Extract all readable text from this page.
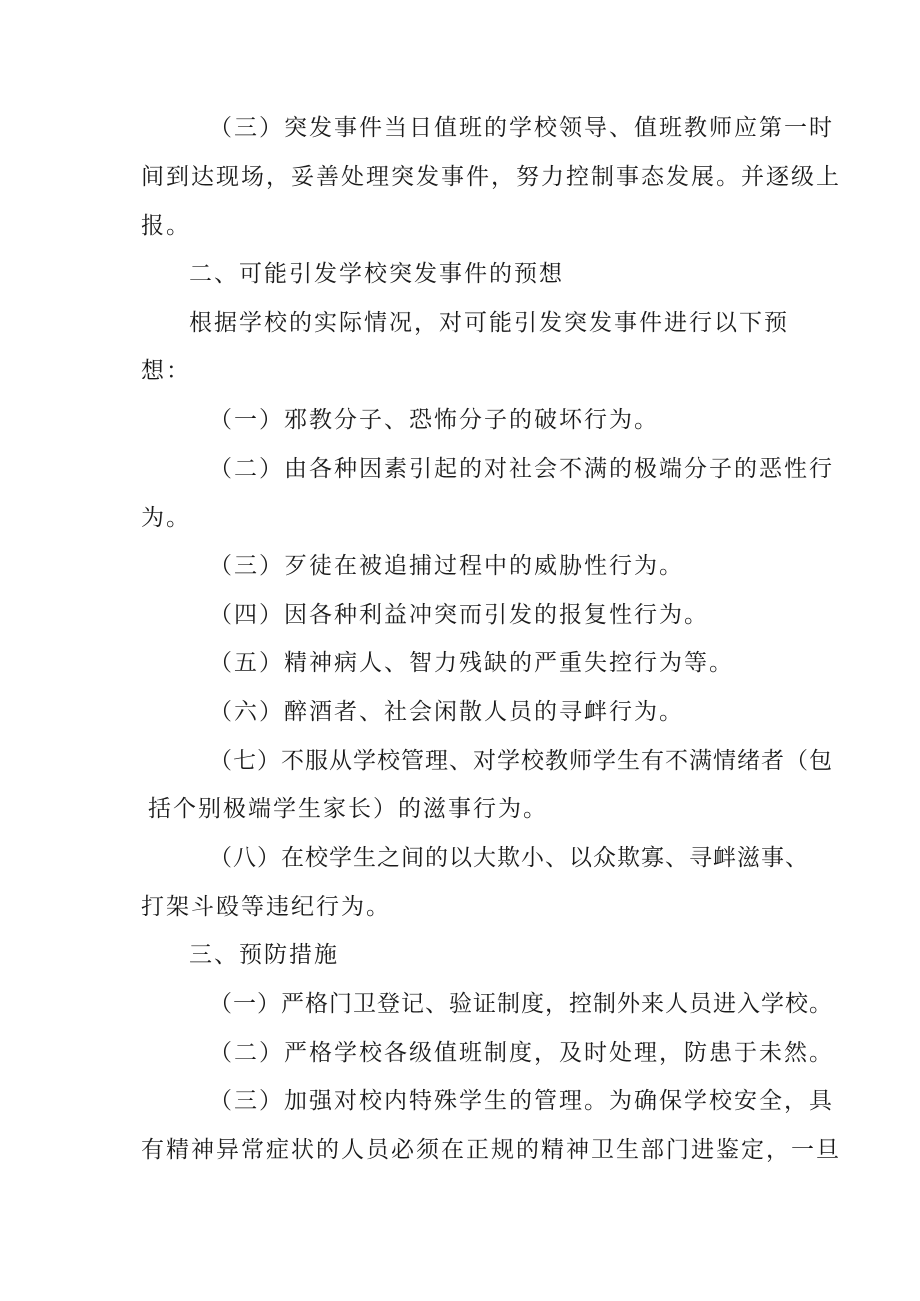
（三）突发事件当日值班的学校领导、值班教师应第一时

间到达现场，妥善处理突发事件，努力控制事态发展。并逐级上

报。

二、可能引发学校突发事件的预想

根据学校的实际情况，对可能引发突发事件进行以下预

想：

（一）邪教分子、恐怖分子的破坏行为。

（二）由各种因素引起的对社会不满的极端分子的恶性行

为。

（三）歹徒在被追捕过程中的威胁性行为。

（四）因各种利益冲突而引发的报复性行为。

（五）精神病人、智力残缺的严重失控行为等。

（六）醉酒者、社会闲散人员的寻衅行为。

（七）不服从学校管理、对学校教师学生有不满情绪者（包

括个别极端学生家长）的滋事行为。

（八）在校学生之间的以大欺小、以众欺寡、寻衅滋事、

打架斗殴等违纪行为。

三、预防措施

（一）严格门卫登记、验证制度，控制外来人员进入学校。

（二）严格学校各级值班制度，及时处理，防患于未然。

（三）加强对校内特殊学生的管理。为确保学校安全，具

有精神异常症状的人员必须在正规的精神卫生部门进鉴定，一旦
